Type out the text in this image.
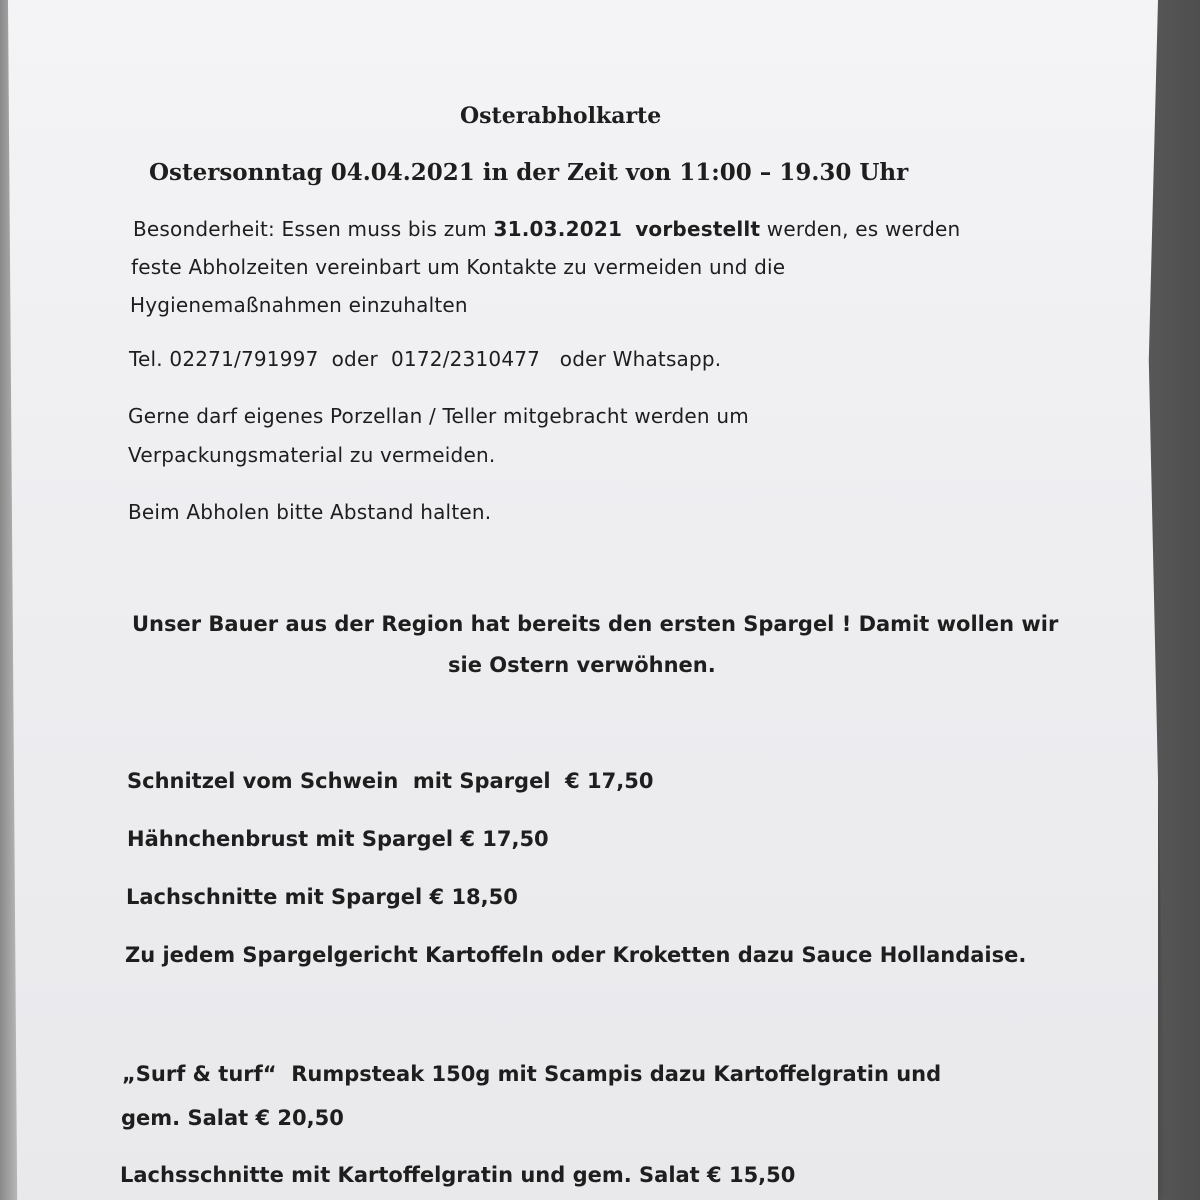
Osterabholkarte
Ostersonntag 04.04.2021 in der Zeit von 11:00 – 19.30 Uhr
Besonderheit: Essen muss bis zum 31.03.2021 vorbestellt werden, es werden
feste Abholzeiten vereinbart um Kontakte zu vermeiden und die
Hygienemaßnahmen einzuhalten
Tel. 02271/791997  oder  0172/2310477   oder Whatsapp.
Gerne darf eigenes Porzellan / Teller mitgebracht werden um
Verpackungsmaterial zu vermeiden.
Beim Abholen bitte Abstand halten.
Unser Bauer aus der Region hat bereits den ersten Spargel ! Damit wollen wir
sie Ostern verwöhnen.
Schnitzel vom Schwein  mit Spargel  € 17,50
Hähnchenbrust mit Spargel € 17,50
Lachschnitte mit Spargel € 18,50
Zu jedem Spargelgericht Kartoffeln oder Kroketten dazu Sauce Hollandaise.
„Surf & turf“  Rumpsteak 150g mit Scampis dazu Kartoffelgratin und
gem. Salat € 20,50
Lachsschnitte mit Kartoffelgratin und gem. Salat € 15,50
